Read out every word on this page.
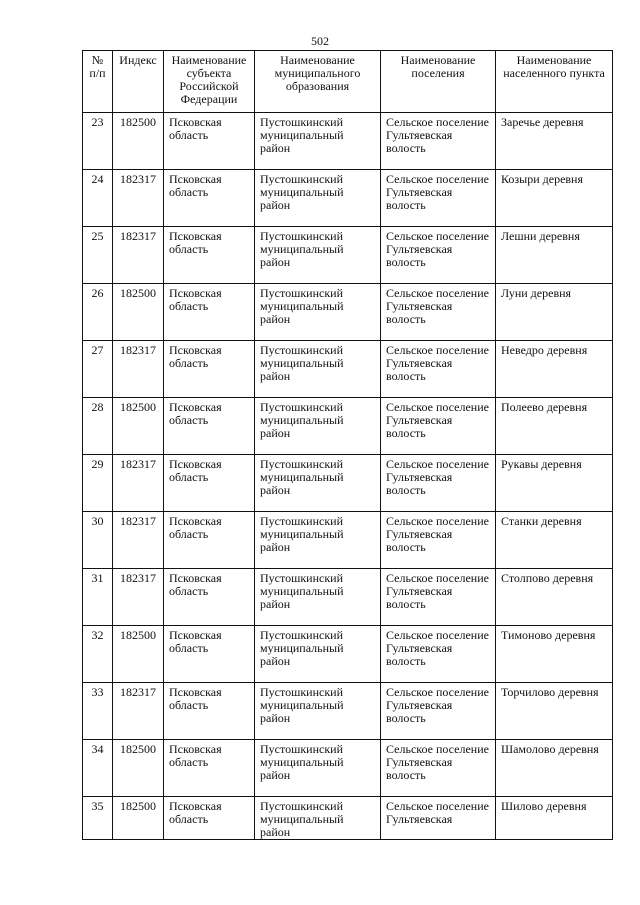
502
№ п/п	Индекс	Наименование субъекта Российской Федерации	Наименование муниципального образования	Наименование поселения	Наименование населенного пункта
23	182500	Псковская область	Пустошкинский муниципальный район	Сельское поселение Гультяевская волость	Заречье деревня
24	182317	Псковская область	Пустошкинский муниципальный район	Сельское поселение Гультяевская волость	Козыри деревня
25	182317	Псковская область	Пустошкинский муниципальный район	Сельское поселение Гультяевская волость	Лешни деревня
26	182500	Псковская область	Пустошкинский муниципальный район	Сельское поселение Гультяевская волость	Луни деревня
27	182317	Псковская область	Пустошкинский муниципальный район	Сельское поселение Гультяевская волость	Неведро деревня
28	182500	Псковская область	Пустошкинский муниципальный район	Сельское поселение Гультяевская волость	Полеево деревня
29	182317	Псковская область	Пустошкинский муниципальный район	Сельское поселение Гультяевская волость	Рукавы деревня
30	182317	Псковская область	Пустошкинский муниципальный район	Сельское поселение Гультяевская волость	Станки деревня
31	182317	Псковская область	Пустошкинский муниципальный район	Сельское поселение Гультяевская волость	Столпово деревня
32	182500	Псковская область	Пустошкинский муниципальный район	Сельское поселение Гультяевская волость	Тимоново деревня
33	182317	Псковская область	Пустошкинский муниципальный район	Сельское поселение Гультяевская волость	Торчилово деревня
34	182500	Псковская область	Пустошкинский муниципальный район	Сельское поселение Гультяевская волость	Шамолово деревня
35	182500	Псковская область	Пустошкинский муниципальный район	Сельское поселение Гультяевская	Шилово деревня
